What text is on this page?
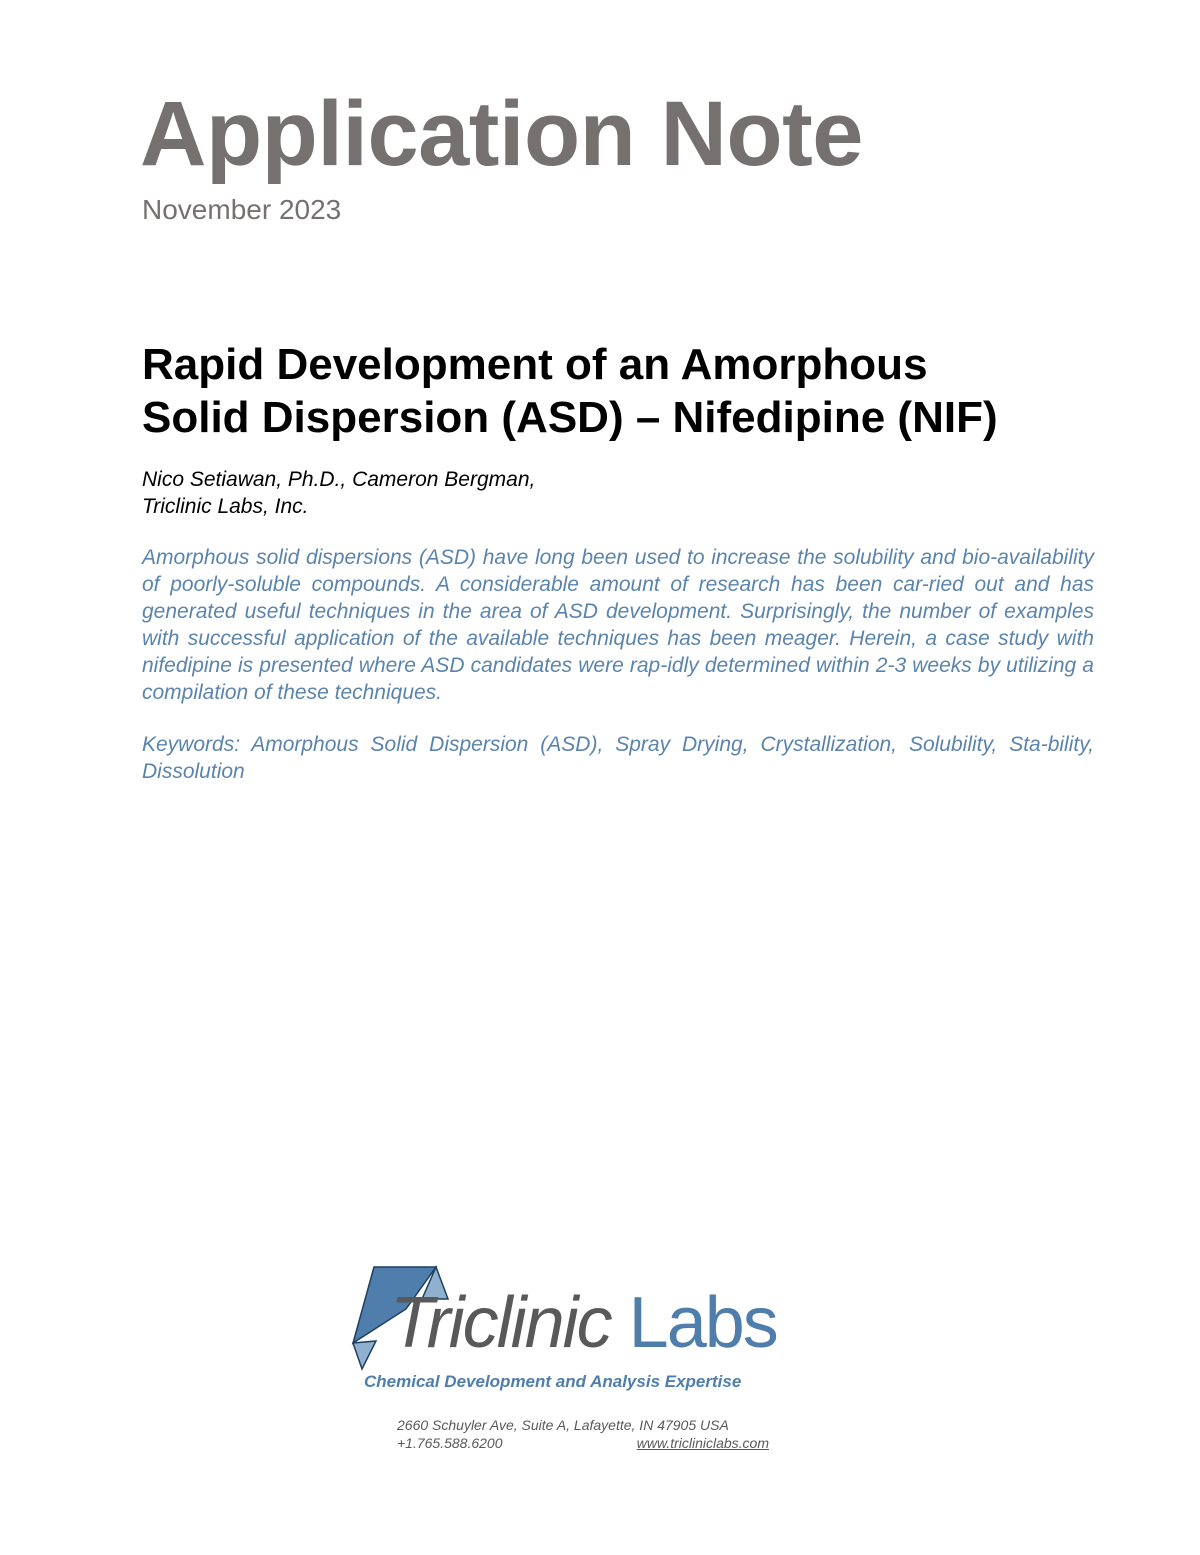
Application Note
November 2023
Rapid Development of an Amorphous
Solid Dispersion (ASD) – Nifedipine (NIF)
Nico Setiawan, Ph.D., Cameron Bergman,
Triclinic Labs, Inc.

Amorphous solid dispersions (ASD) have long been used to increase the solubility and bio-availability of poorly-soluble compounds. A considerable amount of research has been car-ried out and has generated useful techniques in the area of ASD development. Surprisingly, the number of examples with successful application of the available techniques has been meager. Herein, a case study with nifedipine is presented where ASD candidates were rap-idly determined within 2-3 weeks by utilizing a compilation of these techniques.

Keywords: Amorphous Solid Dispersion (ASD), Spray Drying, Crystallization, Solubility, Sta-bility, Dissolution

Triclinic Labs
Chemical Development and Analysis Expertise
2660 Schuyler Ave, Suite A, Lafayette, IN 47905 USA
+1.765.588.6200	www.tricliniclabs.com
